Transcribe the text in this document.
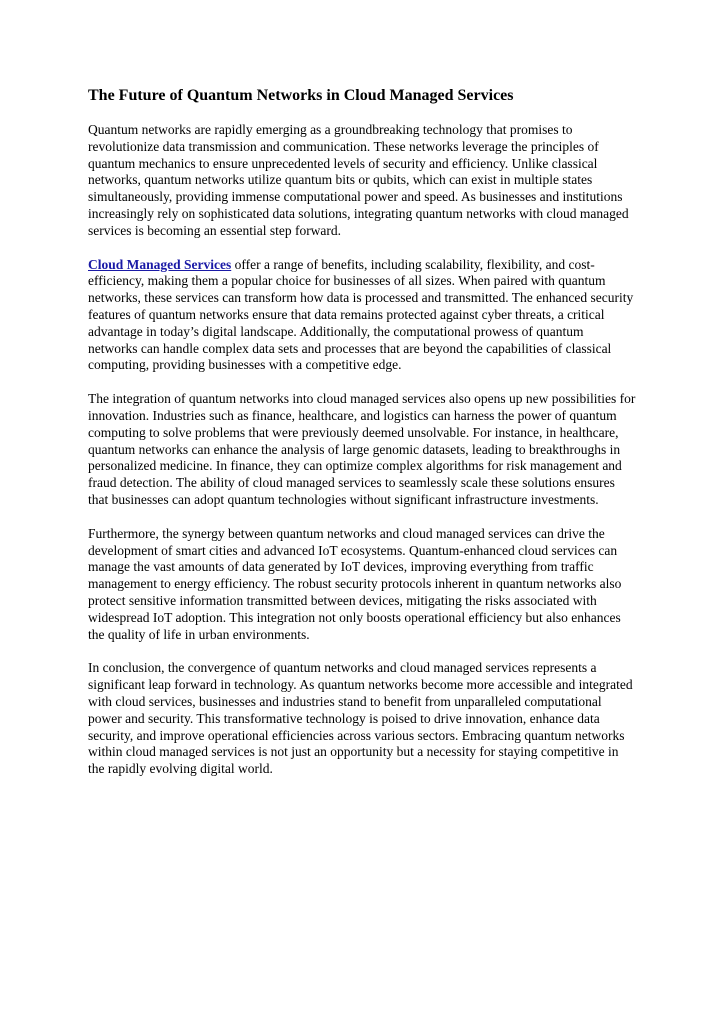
The Future of Quantum Networks in Cloud Managed Services

Quantum networks are rapidly emerging as a groundbreaking technology that promises to revolutionize data transmission and communication. These networks leverage the principles of quantum mechanics to ensure unprecedented levels of security and efficiency. Unlike classical networks, quantum networks utilize quantum bits or qubits, which can exist in multiple states simultaneously, providing immense computational power and speed. As businesses and institutions increasingly rely on sophisticated data solutions, integrating quantum networks with cloud managed services is becoming an essential step forward.

Cloud Managed Services offer a range of benefits, including scalability, flexibility, and cost-efficiency, making them a popular choice for businesses of all sizes. When paired with quantum networks, these services can transform how data is processed and transmitted. The enhanced security features of quantum networks ensure that data remains protected against cyber threats, a critical advantage in today’s digital landscape. Additionally, the computational prowess of quantum networks can handle complex data sets and processes that are beyond the capabilities of classical computing, providing businesses with a competitive edge.

The integration of quantum networks into cloud managed services also opens up new possibilities for innovation. Industries such as finance, healthcare, and logistics can harness the power of quantum computing to solve problems that were previously deemed unsolvable. For instance, in healthcare, quantum networks can enhance the analysis of large genomic datasets, leading to breakthroughs in personalized medicine. In finance, they can optimize complex algorithms for risk management and fraud detection. The ability of cloud managed services to seamlessly scale these solutions ensures that businesses can adopt quantum technologies without significant infrastructure investments.

Furthermore, the synergy between quantum networks and cloud managed services can drive the development of smart cities and advanced IoT ecosystems. Quantum-enhanced cloud services can manage the vast amounts of data generated by IoT devices, improving everything from traffic management to energy efficiency. The robust security protocols inherent in quantum networks also protect sensitive information transmitted between devices, mitigating the risks associated with widespread IoT adoption. This integration not only boosts operational efficiency but also enhances the quality of life in urban environments.

In conclusion, the convergence of quantum networks and cloud managed services represents a significant leap forward in technology. As quantum networks become more accessible and integrated with cloud services, businesses and industries stand to benefit from unparalleled computational power and security. This transformative technology is poised to drive innovation, enhance data security, and improve operational efficiencies across various sectors. Embracing quantum networks within cloud managed services is not just an opportunity but a necessity for staying competitive in the rapidly evolving digital world.
